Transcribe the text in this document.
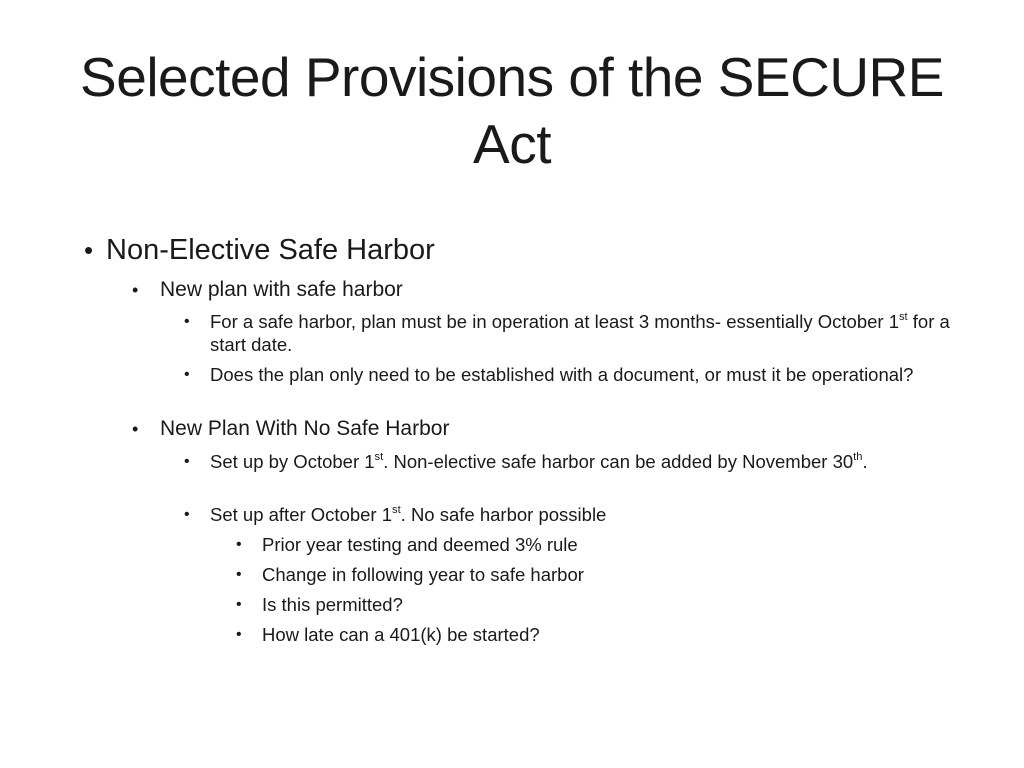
Selected Provisions of the SECURE Act
• Non-Elective Safe Harbor
•	New plan with safe harbor
•	For a safe harbor, plan must be in operation at least 3 months- essentially October 1st for a start date.
•	Does the plan only need to be established with a document, or must it be operational?
•	New Plan With No Safe Harbor
•	Set up by October 1st. Non-elective safe harbor can be added by November 30th.
•	Set up after October 1st. No safe harbor possible
•	Prior year testing and deemed 3% rule
•	Change in following year to safe harbor
•	Is this permitted?
•	How late can a 401(k) be started?
